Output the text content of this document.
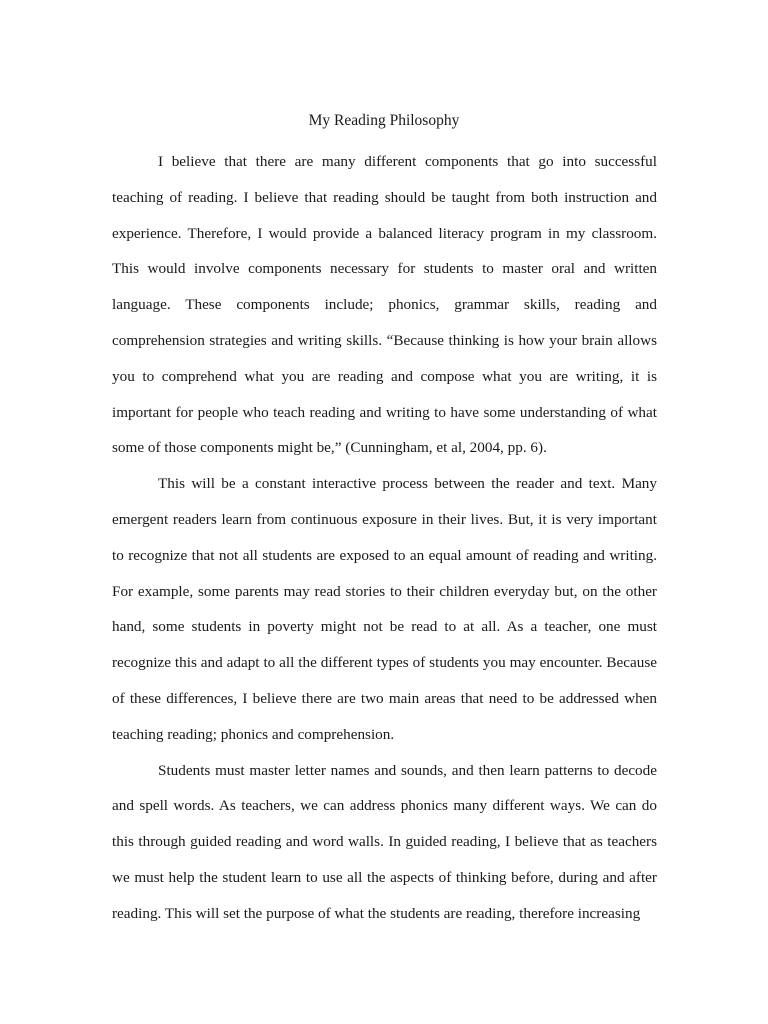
My Reading Philosophy

I believe that there are many different components that go into successful teaching of reading. I believe that reading should be taught from both instruction and experience. Therefore, I would provide a balanced literacy program in my classroom. This would involve components necessary for students to master oral and written language. These components include; phonics, grammar skills, reading and comprehension strategies and writing skills. “Because thinking is how your brain allows you to comprehend what you are reading and compose what you are writing, it is important for people who teach reading and writing to have some understanding of what some of those components might be,” (Cunningham, et al, 2004, pp. 6).

This will be a constant interactive process between the reader and text. Many emergent readers learn from continuous exposure in their lives. But, it is very important to recognize that not all students are exposed to an equal amount of reading and writing. For example, some parents may read stories to their children everyday but, on the other hand, some students in poverty might not be read to at all. As a teacher, one must recognize this and adapt to all the different types of students you may encounter. Because of these differences, I believe there are two main areas that need to be addressed when teaching reading; phonics and comprehension.

Students must master letter names and sounds, and then learn patterns to decode and spell words. As teachers, we can address phonics many different ways. We can do this through guided reading and word walls. In guided reading, I believe that as teachers we must help the student learn to use all the aspects of thinking before, during and after reading. This will set the purpose of what the students are reading, therefore increasing
